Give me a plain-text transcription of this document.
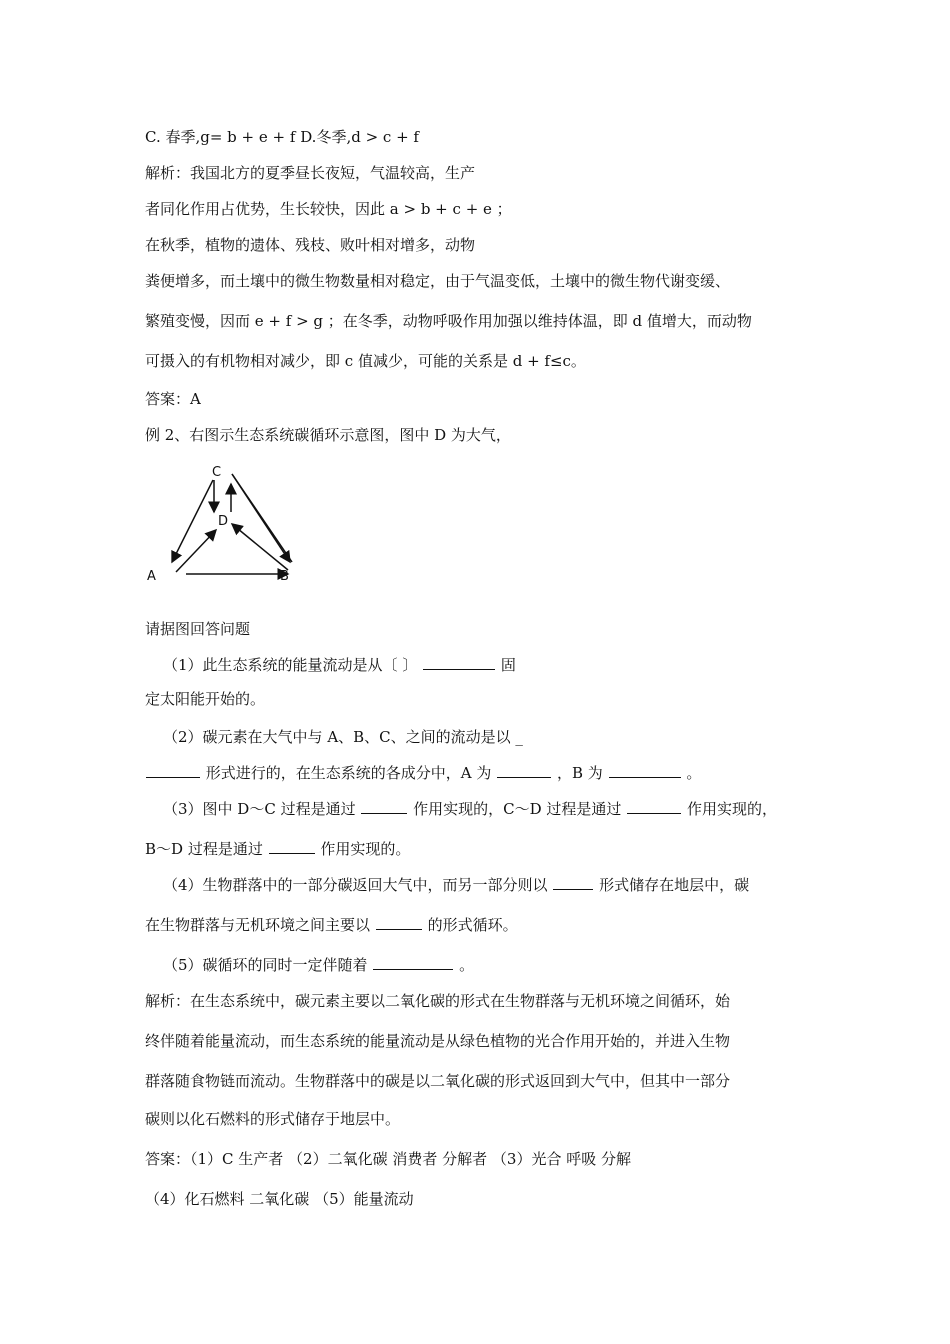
C. 春季,g= b + e + f D.冬季,d > c + f
解析：我国北方的夏季昼长夜短，气温较高，生产
者同化作用占优势，生长较快，因此 a > b + c + e ；
在秋季，植物的遗体、残枝、败叶相对增多，动物
粪便增多，而土壤中的微生物数量相对稳定，由于气温变低，土壤中的微生物代谢变缓、
繁殖变慢，因而 e + f > g ；在冬季，动物呼吸作用加强以维持体温，即 d 值增大，而动物
可摄入的有机物相对减少，即 c 值减少，可能的关系是 d + f≤c。
答案：A
例 2、右图示生态系统碳循环示意图，图中 D 为大气，
C
D
A	B
请据图回答问题
（1）此生态系统的能量流动是从〔 〕	固
定太阳能开始的。
（2）碳元素在大气中与 A、B、C、之间的流动是以 _
形式进行的，在生态系统的各成分中，A 为	，B 为	。
（3）图中 D～C 过程是通过	作用实现的，C～D 过程是通过	作用实现的，
B～D 过程是通过	作用实现的。
（4）生物群落中的一部分碳返回大气中，而另一部分则以	形式储存在地层中，碳
在生物群落与无机环境之间主要以	的形式循环。
（5）碳循环的同时一定伴随着	。
解析：在生态系统中，碳元素主要以二氧化碳的形式在生物群落与无机环境之间循环，始
终伴随着能量流动，而生态系统的能量流动是从绿色植物的光合作用开始的，并进入生物
群落随食物链而流动。生物群落中的碳是以二氧化碳的形式返回到大气中，但其中一部分
碳则以化石燃料的形式储存于地层中。
答案：（1）C 生产者 （2）二氧化碳 消费者 分解者 （3）光合 呼吸 分解
（4）化石燃料 二氧化碳 （5）能量流动
